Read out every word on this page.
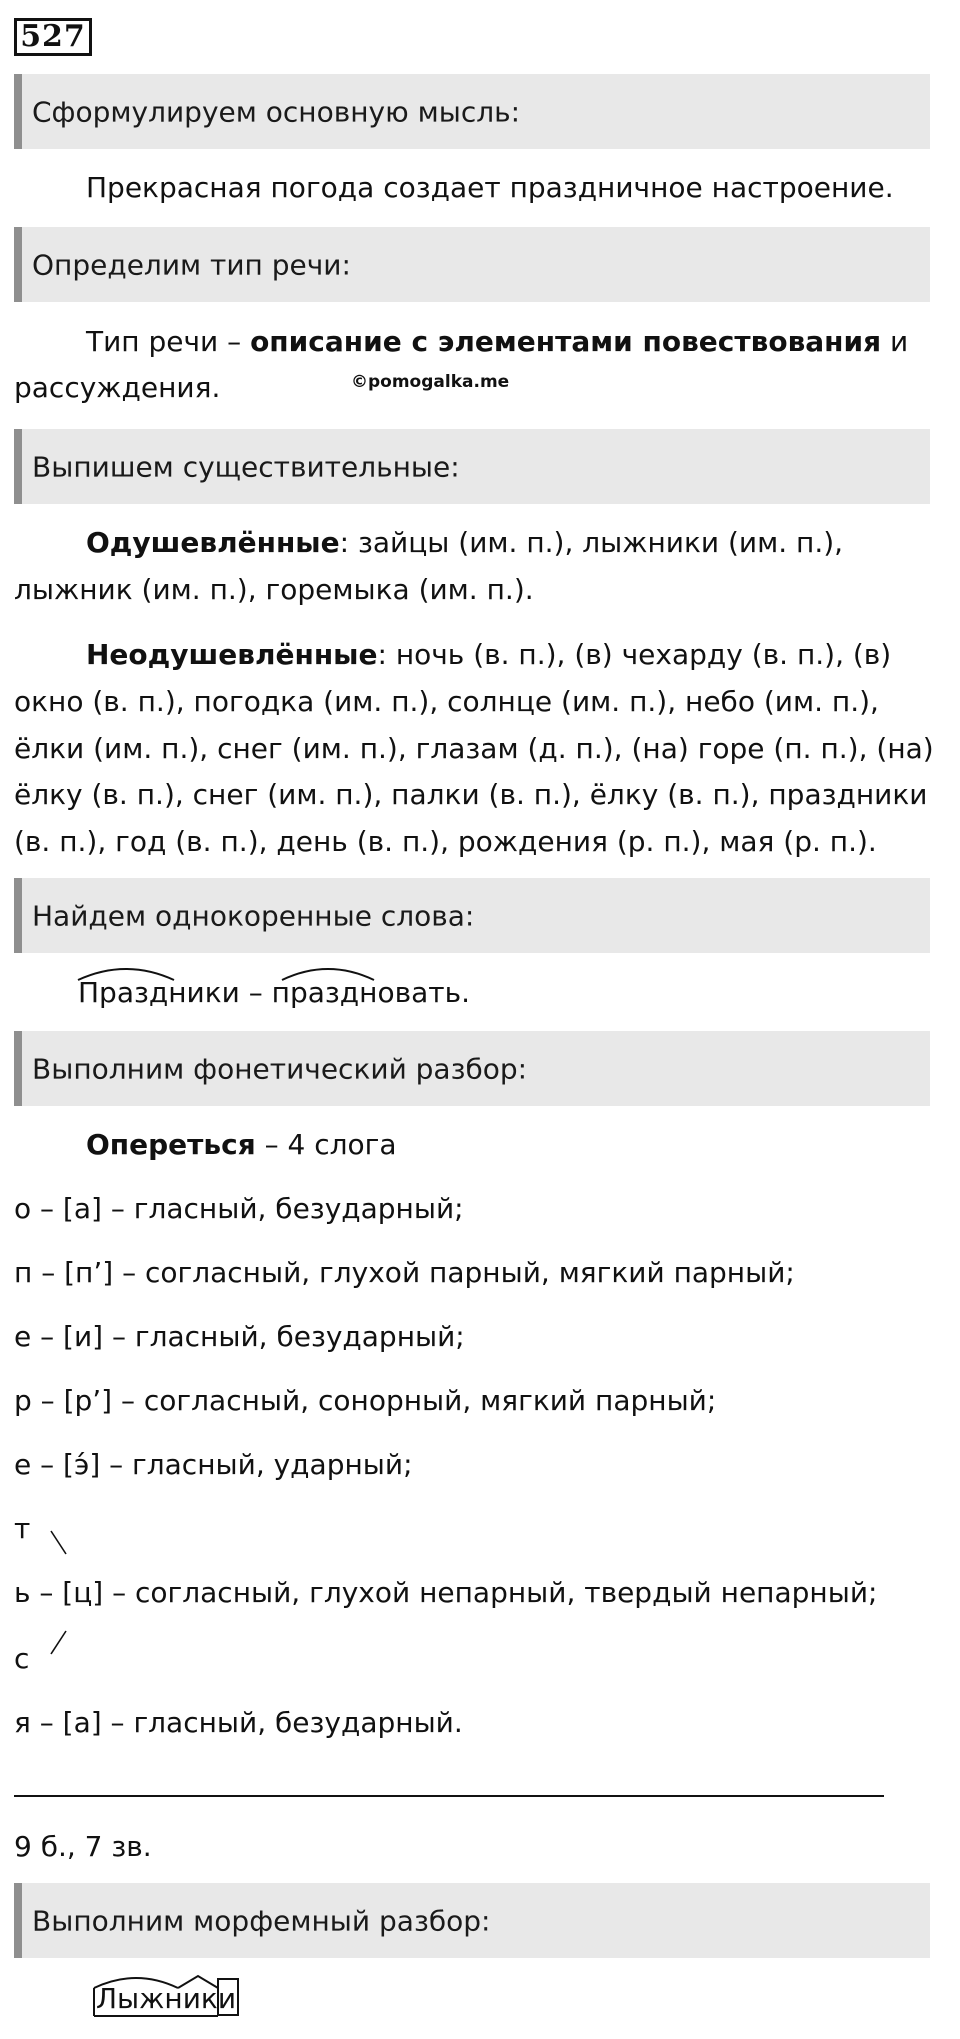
527
Сформулируем основную мысль:
Прекрасная погода создает праздничное настроение.
Определим тип речи:
Тип речи – описание с элементами повествования и
рассуждения.	©pomogalka.me
Выпишем существительные:
Одушевлённые: зайцы (им. п.), лыжники (им. п.),
лыжник (им. п.), горемыка (им. п.).
Неодушевлённые: ночь (в. п.), (в) чехарду (в. п.), (в)
окно (в. п.), погодка (им. п.), солнце (им. п.), небо (им. п.),
ёлки (им. п.), снег (им. п.), глазам (д. п.), (на) горе (п. п.), (на)
ёлку (в. п.), снег (им. п.), палки (в. п.), ёлку (в. п.), праздники
(в. п.), год (в. п.), день (в. п.), рождения (р. п.), мая (р. п.).
Найдем однокоренные слова:
Праздники – праздновать.
Выполним фонетический разбор:
Опереться – 4 слога
о – [а] – гласный, безударный;
п – [п’] – согласный, глухой парный, мягкий парный;
е – [и] – гласный, безударный;
р – [р’] – согласный, сонорный, мягкий парный;
е – [э́] – гласный, ударный;
т
ь – [ц] – согласный, глухой непарный, твердый непарный;
с
я – [а] – гласный, безударный.
9 б., 7 зв.
Выполним морфемный разбор:
Лыжники
